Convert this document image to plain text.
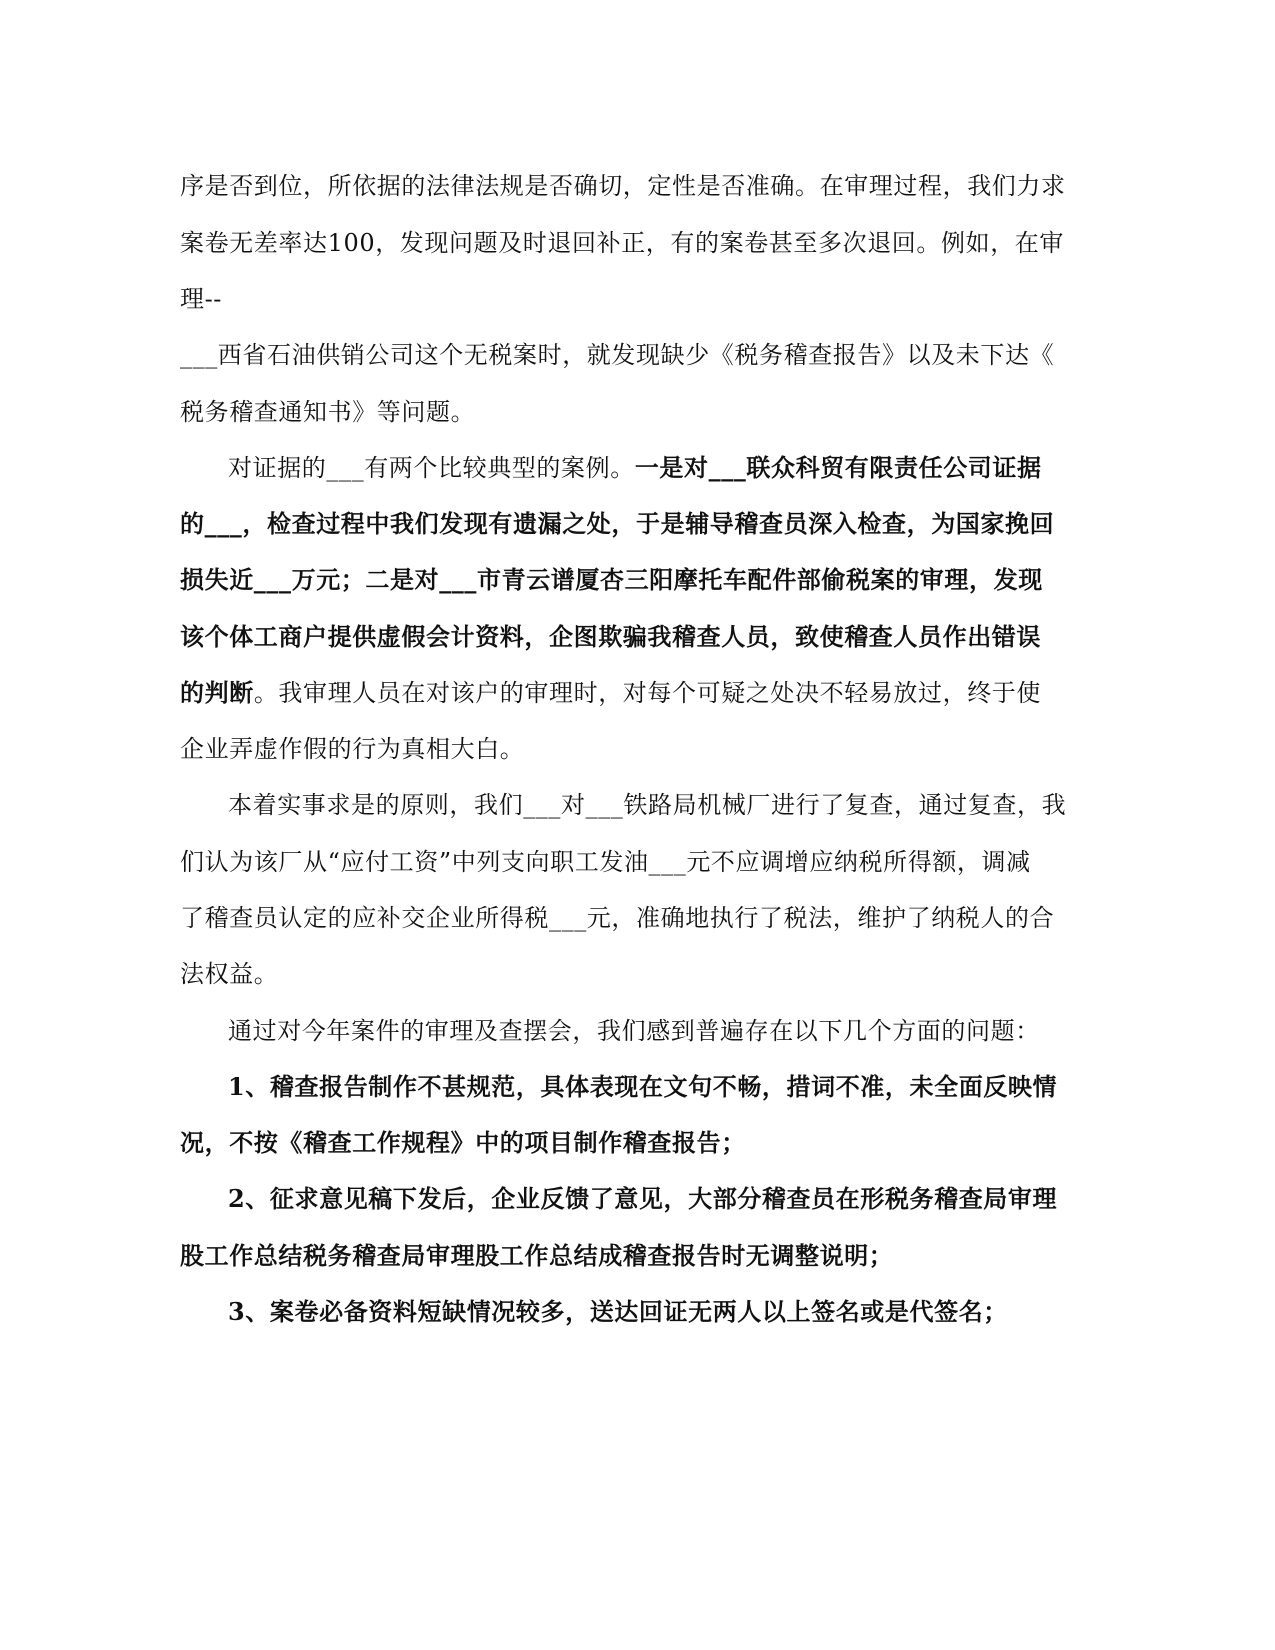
序是否到位，所依据的法律法规是否确切，定性是否准确。在审理过程，我们力求
案卷无差率达100，发现问题及时退回补正，有的案卷甚至多次退回。例如，在审
理--
___西省石油供销公司这个无税案时，就发现缺少《税务稽查报告》以及未下达《
税务稽查通知书》等问题。
对证据的___有两个比较典型的案例。一是对___联众科贸有限责任公司证据
的___，检查过程中我们发现有遗漏之处，于是辅导稽查员深入检查，为国家挽回
损失近___万元；二是对___市青云谱厦杏三阳摩托车配件部偷税案的审理，发现
该个体工商户提供虚假会计资料，企图欺骗我稽查人员，致使稽查人员作出错误
的判断。我审理人员在对该户的审理时，对每个可疑之处决不轻易放过，终于使
企业弄虚作假的行为真相大白。
本着实事求是的原则，我们___对___铁路局机械厂进行了复查，通过复查，我
们认为该厂从“应付工资”中列支向职工发油___元不应调增应纳税所得额，调减
了稽查员认定的应补交企业所得税___元，准确地执行了税法，维护了纳税人的合
法权益。
通过对今年案件的审理及查摆会，我们感到普遍存在以下几个方面的问题：
1、稽查报告制作不甚规范，具体表现在文句不畅，措词不准，未全面反映情
况，不按《稽查工作规程》中的项目制作稽查报告；
2、征求意见稿下发后，企业反馈了意见，大部分稽查员在形税务稽查局审理
股工作总结税务稽查局审理股工作总结成稽查报告时无调整说明；
3、案卷必备资料短缺情况较多，送达回证无两人以上签名或是代签名；
